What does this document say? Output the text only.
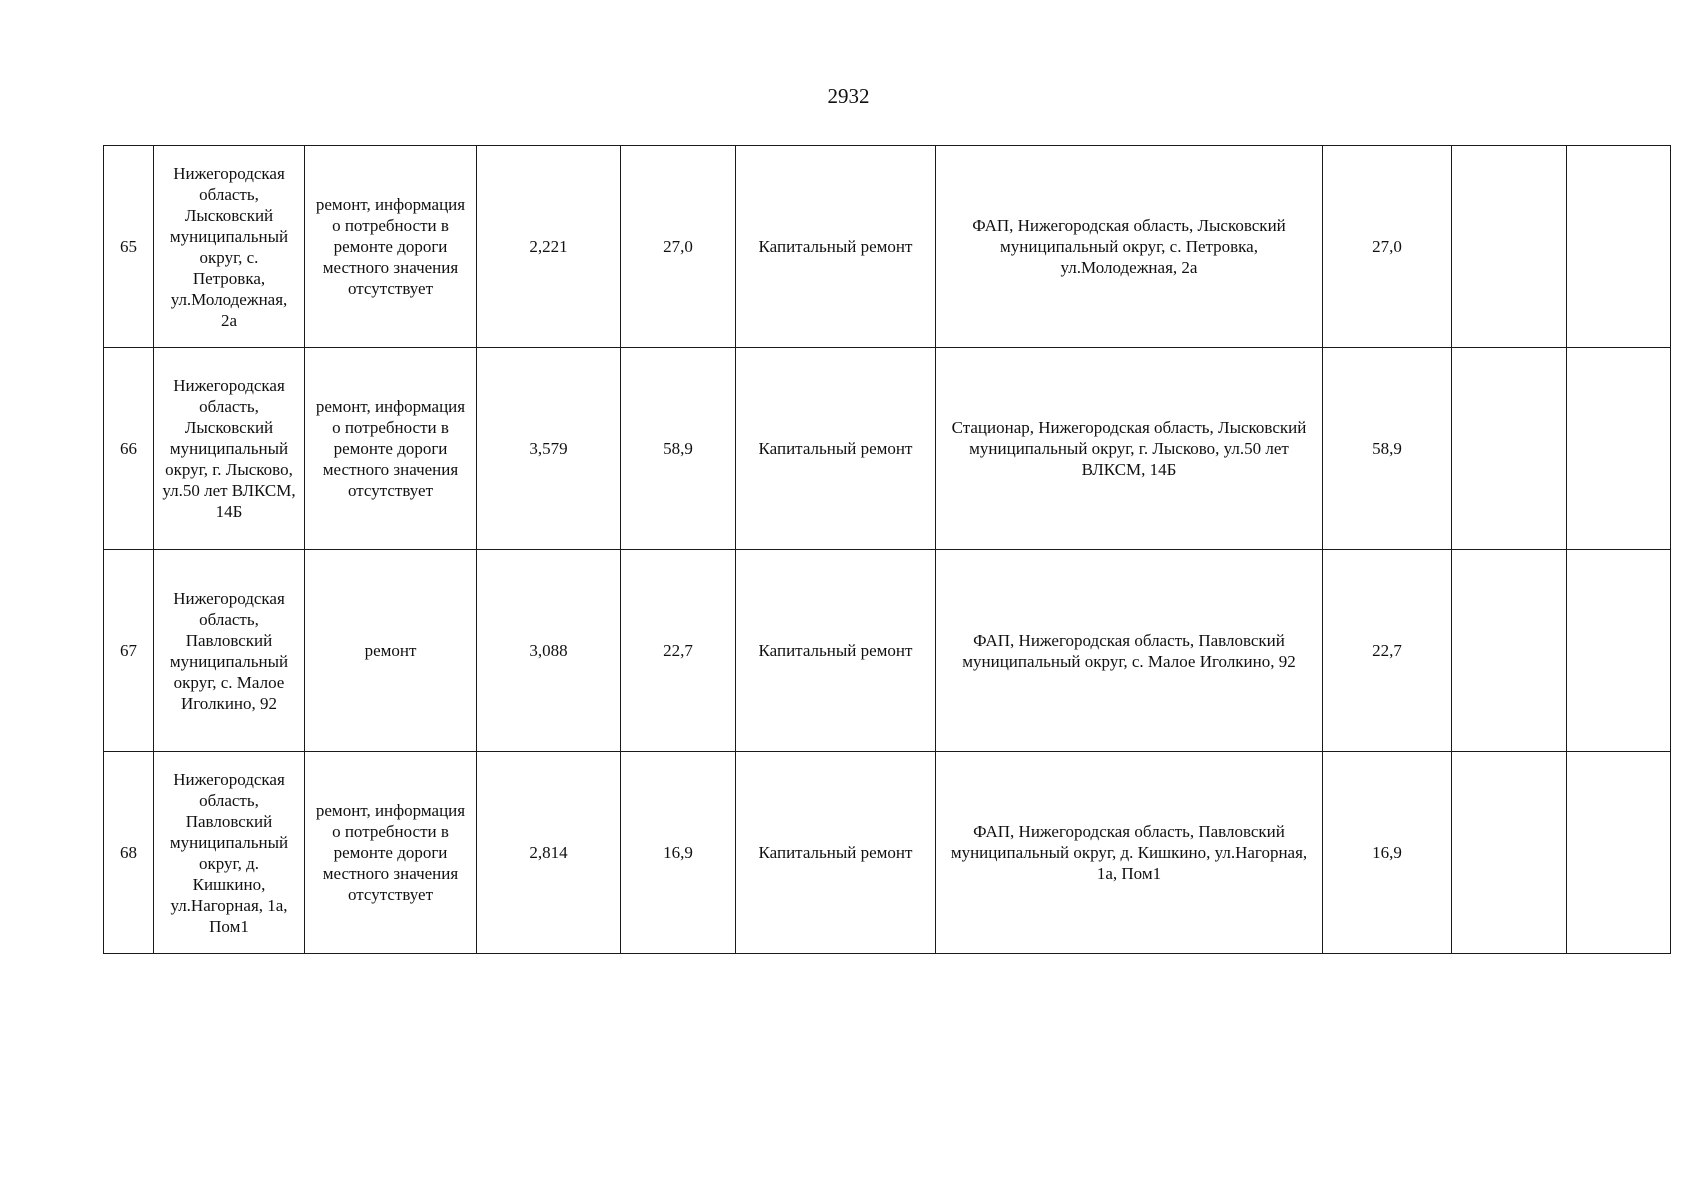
2932
65	Нижегородская область, Лысковский муниципальный округ, с. Петровка, ул.Молодежная, 2а	ремонт, информация о потребности в ремонте дороги местного значения отсутствует	2,221	27,0	Капитальный ремонт	ФАП, Нижегородская область, Лысковский муниципальный округ, с. Петровка, ул.Молодежная, 2а	27,0		
66	Нижегородская область, Лысковский муниципальный округ, г. Лысково, ул.50 лет ВЛКСМ, 14Б	ремонт, информация о потребности в ремонте дороги местного значения отсутствует	3,579	58,9	Капитальный ремонт	Стационар, Нижегородская область, Лысковский муниципальный округ, г. Лысково, ул.50 лет ВЛКСМ, 14Б	58,9		
67	Нижегородская область, Павловский муниципальный округ, с. Малое Иголкино, 92	ремонт	3,088	22,7	Капитальный ремонт	ФАП, Нижегородская область, Павловский муниципальный округ, с. Малое Иголкино, 92	22,7		
68	Нижегородская область, Павловский муниципальный округ, д. Кишкино, ул.Нагорная, 1а, Пом1	ремонт, информация о потребности в ремонте дороги местного значения отсутствует	2,814	16,9	Капитальный ремонт	ФАП, Нижегородская область, Павловский муниципальный округ, д. Кишкино, ул.Нагорная, 1а, Пом1	16,9		
